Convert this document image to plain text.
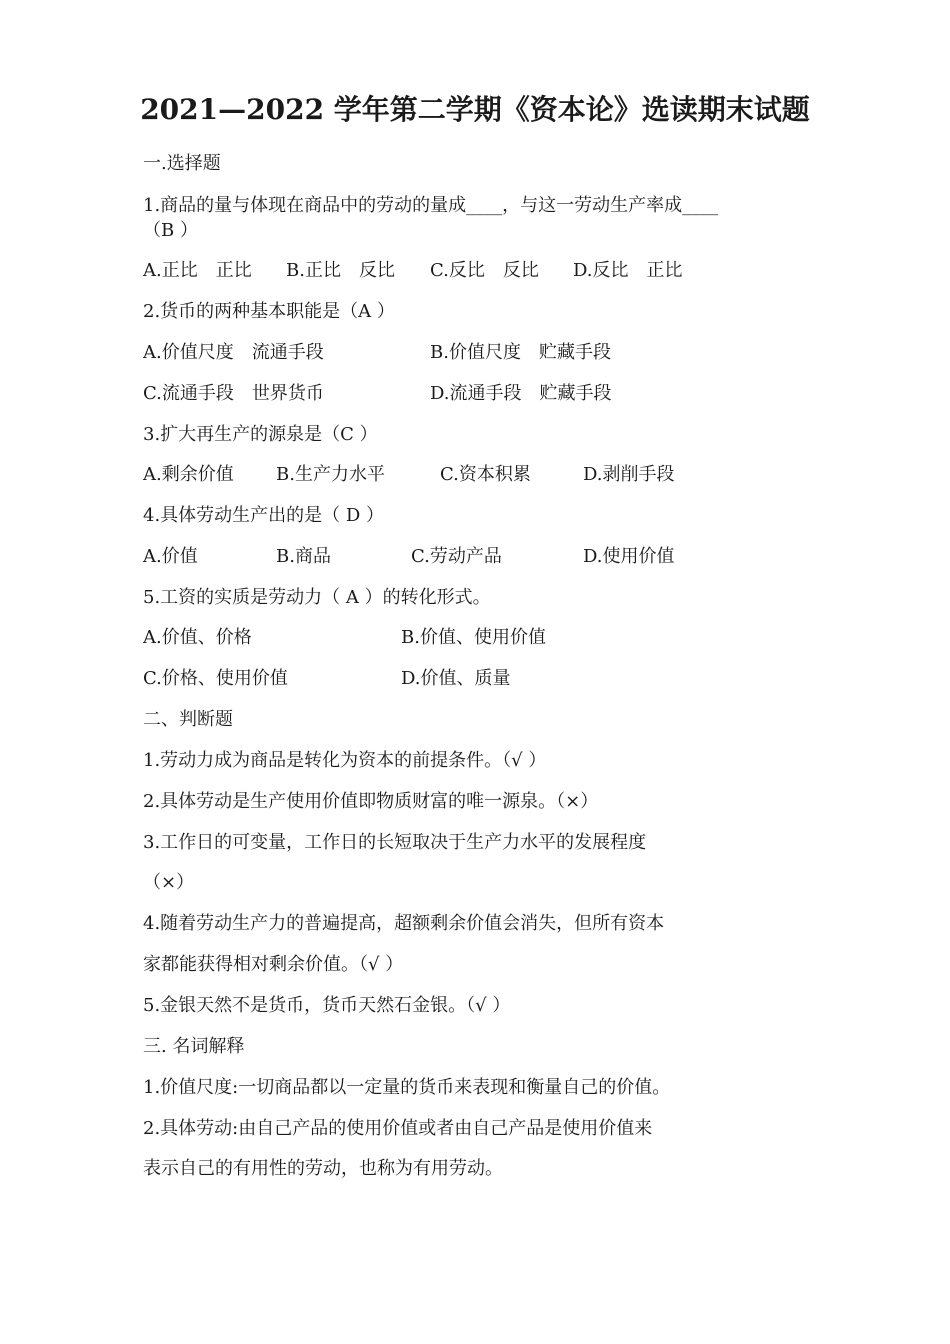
2021—2022 学年第二学期《资本论》选读期末试题
一.选择题
1.商品的量与体现在商品中的劳动的量成____，与这一劳动生产率成____
（B ）
A.正比　正比 B.正比　反比 C.反比　反比 D.反比　正比
2.货币的两种基本职能是（A ）
A.价值尺度　流通手段	B.价值尺度　贮藏手段
C.流通手段　世界货币	D.流通手段　贮藏手段
3.扩大再生产的源泉是（C ）
A.剩余价值 B.生产力水平	C.资本积累	D.剥削手段
4.具体劳动生产出的是（ D ）
A.价值	B.商品	C.劳动产品	D.使用价值
5.工资的实质是劳动力（ A ）的转化形式。
A.价值、价格	B.价值、使用价值
C.价格、使用价值	D.价值、质量
二、判断题
1.劳动力成为商品是转化为资本的前提条件。（√ ）
2.具体劳动是生产使用价值即物质财富的唯一源泉。（×）
3.工作日的可变量，工作日的长短取决于生产力水平的发展程度
（×）
4.随着劳动生产力的普遍提高，超额剩余价值会消失，但所有资本
家都能获得相对剩余价值。（√ ）
5.金银天然不是货币，货币天然石金银。（√ ）
三. 名词解释
1.价值尺度:一切商品都以一定量的货币来表现和衡量自己的价值。
2.具体劳动:由自己产品的使用价值或者由自己产品是使用价值来
表示自己的有用性的劳动，也称为有用劳动。
